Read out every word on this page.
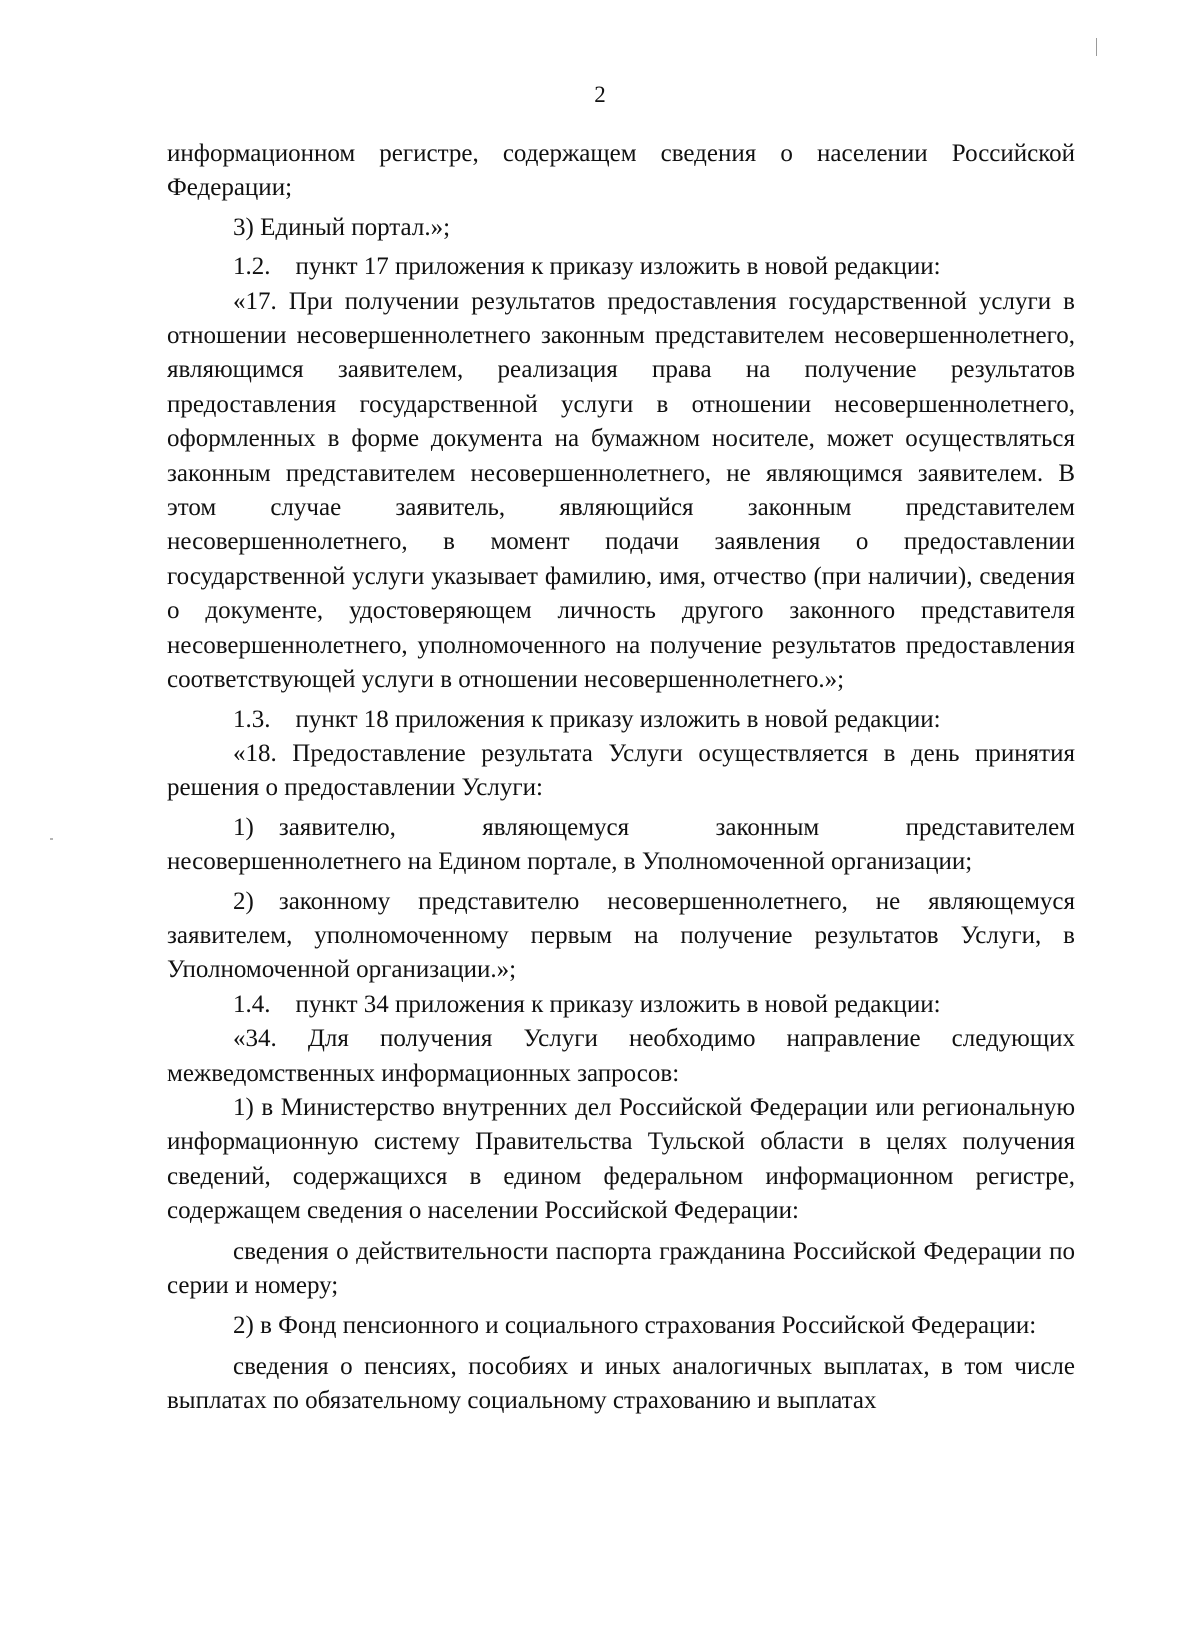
2

информационном регистре, содержащем сведения о населении Российской Федерации;

3) Единый портал.»;

1.2. пункт 17 приложения к приказу изложить в новой редакции:

«17. При получении результатов предоставления государственной услуги в отношении несовершеннолетнего законным представителем несовершеннолетнего, являющимся заявителем, реализация права на получение результатов предоставления государственной услуги в отношении несовершеннолетнего, оформленных в форме документа на бумажном носителе, может осуществляться законным представителем несовершеннолетнего, не являющимся заявителем. В этом случае заявитель, являющийся законным представителем несовершеннолетнего, в момент подачи заявления о предоставлении государственной услуги указывает фамилию, имя, отчество (при наличии), сведения о документе, удостоверяющем личность другого законного представителя несовершеннолетнего, уполномоченного на получение результатов предоставления соответствующей услуги в отношении несовершеннолетнего.»;

1.3. пункт 18 приложения к приказу изложить в новой редакции:

«18. Предоставление результата Услуги осуществляется в день принятия решения о предоставлении Услуги:

1) заявителю, являющемуся законным представителем несовершеннолетнего на Едином портале, в Уполномоченной организации;

2) законному представителю несовершеннолетнего, не являющемуся заявителем, уполномоченному первым на получение результатов Услуги, в Уполномоченной организации.»;

1.4. пункт 34 приложения к приказу изложить в новой редакции:

«34. Для получения Услуги необходимо направление следующих межведомственных информационных запросов:

1) в Министерство внутренних дел Российской Федерации или региональную информационную систему Правительства Тульской области в целях получения сведений, содержащихся в едином федеральном информационном регистре, содержащем сведения о населении Российской Федерации:

сведения о действительности паспорта гражданина Российской Федерации по серии и номеру;

2) в Фонд пенсионного и социального страхования Российской Федерации:

сведения о пенсиях, пособиях и иных аналогичных выплатах, в том числе выплатах по обязательному социальному страхованию и выплатах
